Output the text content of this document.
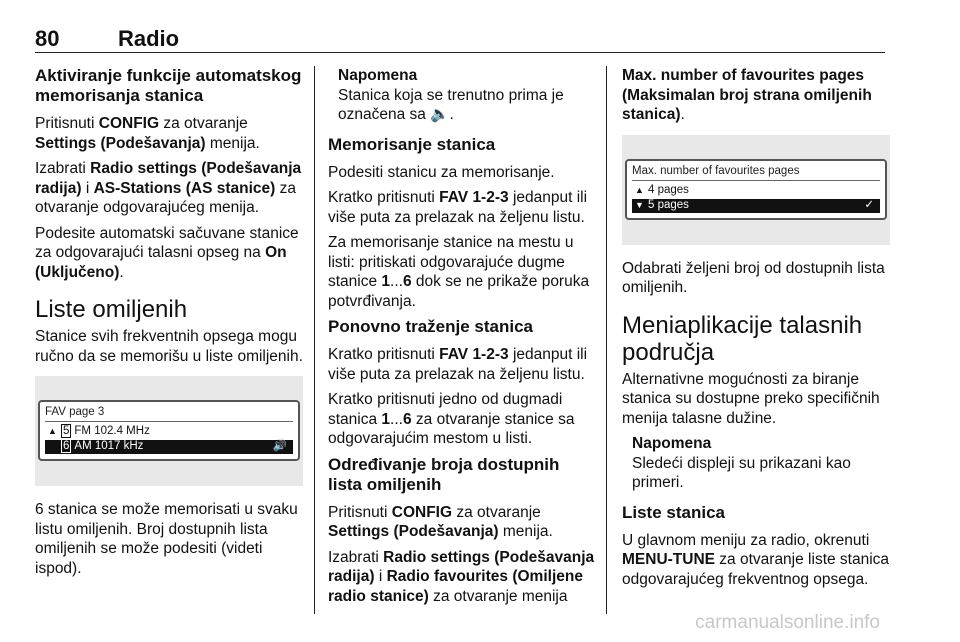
80	Radio
Aktiviranje funkcije automatskog memorisanja stanica

Pritisnuti CONFIG za otvaranje Settings (Podešavanja) menija.

Izabrati Radio settings (Podešavanja radija) i AS-Stations (AS stanice) za otvaranje odgovarajućeg menija.

Podesite automatski sačuvane stanice za odgovarajući talasni opseg na On (Uključeno).

Liste omiljenih

Stanice svih frekventnih opsega mogu ručno da se memorišu u liste omiljenih.

FAV page 3
▲ 5 FM 102.4 MHz
6 AM 1017 kHz	🔊

6 stanica se može memorisati u svaku listu omiljenih. Broj dostupnih lista omiljenih se može podesiti (videti ispod).

Napomena
Stanica koja se trenutno prima je označena sa 🔈.
Memorisanje stanica

Podesiti stanicu za memorisanje.

Kratko pritisnuti FAV 1-2-3 jedanput ili više puta za prelazak na željenu listu.

Za memorisanje stanice na mestu u listi: pritiskati odgovarajuće dugme stanice 1...6 dok se ne prikaže poruka potvrđivanja.

Ponovno traženje stanica

Kratko pritisnuti FAV 1-2-3 jedanput ili više puta za prelazak na željenu listu.

Kratko pritisnuti jedno od dugmadi stanica 1...6 za otvaranje stanice sa odgovarajućim mestom u listi.

Određivanje broja dostupnih lista omiljenih

Pritisnuti CONFIG za otvaranje Settings (Podešavanja) menija.

Izabrati Radio settings (Podešavanja radija) i Radio favourites (Omiljene radio stanice) za otvaranje menija

Max. number of favourites pages (Maksimalan broj strana omiljenih stanica).

Max. number of favourites pages
▲ 4 pages
▼ 5 pages	✓

Odabrati željeni broj od dostupnih lista omiljenih.

Meniaplikacije talasnih područja

Alternativne mogućnosti za biranje stanica su dostupne preko specifičnih menija talasne dužine.

Napomena
Sledeći displeji su prikazani kao primeri.
Liste stanica

U glavnom meniju za radio, okrenuti MENU-TUNE za otvaranje liste stanica odgovarajućeg frekventnog opsega.

carmanualsonline.info
